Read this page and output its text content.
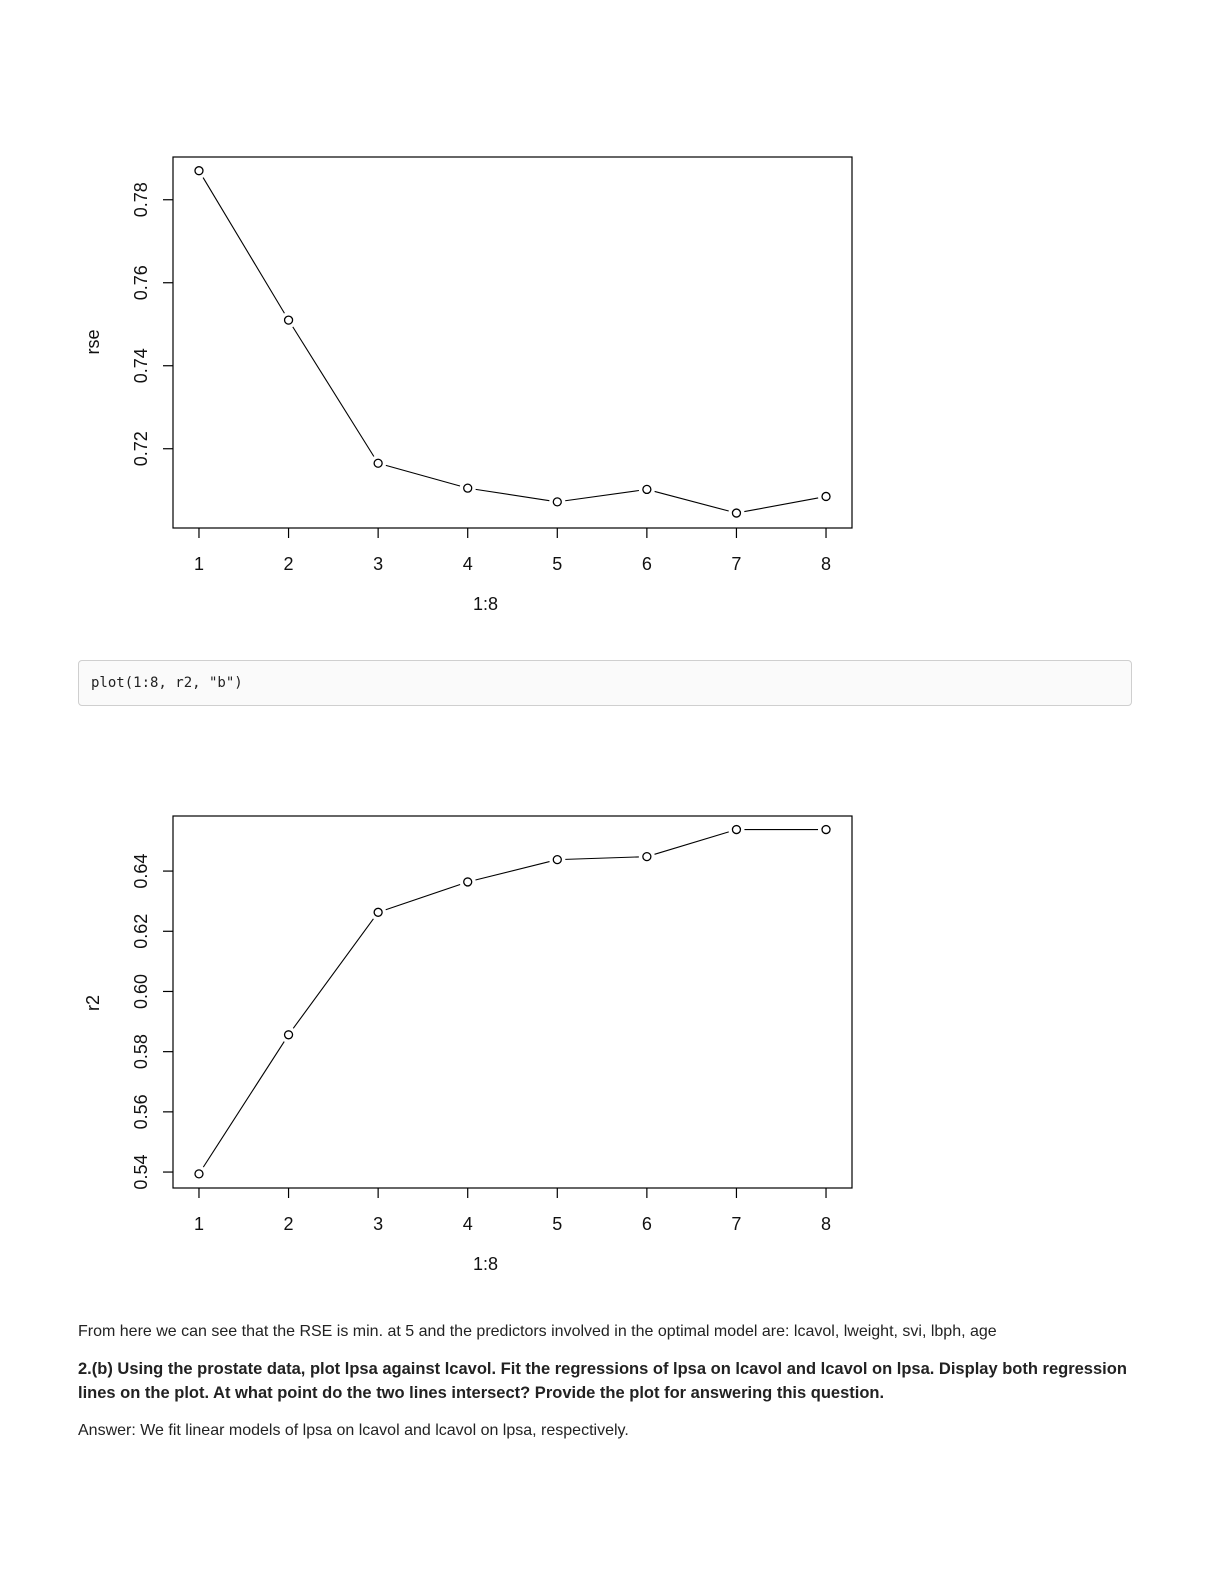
1	2	3	4	5	6	7	8
0.72
0.74
0.76
0.78
1:8
rse
plot(1:8, r2, "b")
1	2	3	4	5	6	7	8
0.54
0.56
0.58
0.60
0.62
0.64
1:8
r2
From here we can see that the RSE is min. at 5 and the predictors involved in the optimal model are: lcavol, lweight, svi, lbph, age
2.(b) Using the prostate data, plot lpsa against lcavol. Fit the regressions of lpsa on lcavol and lcavol on lpsa. Display both regression lines on the plot. At what point do the two lines intersect? Provide the plot for answering this question.
Answer: We fit linear models of lpsa on lcavol and lcavol on lpsa, respectively.
